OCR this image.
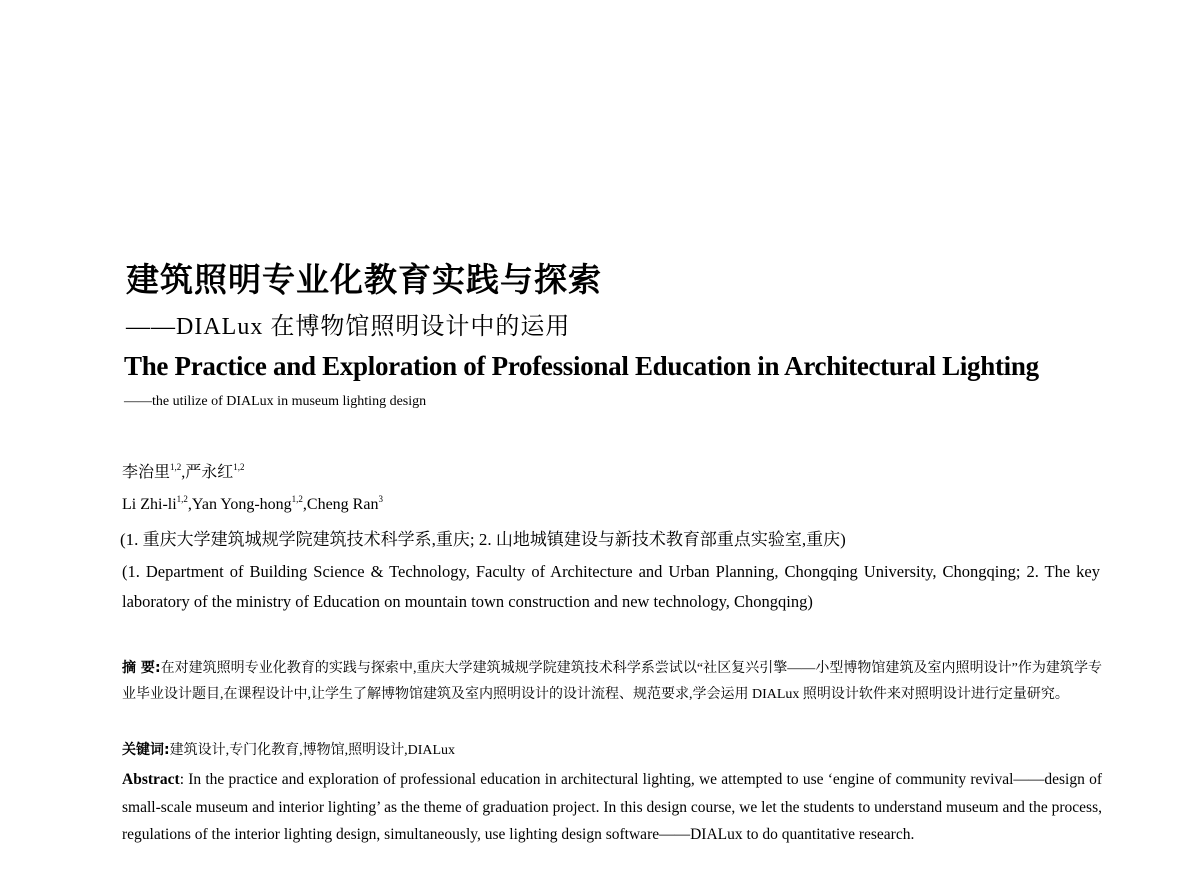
建筑照明专业化教育实践与探索
——DIALux 在博物馆照明设计中的运用
The Practice and Exploration of Professional Education in Architectural Lighting
——the utilize of DIALux in museum lighting design
李治里$^{1,2}$,严永红$^{1,2}$
Li Zhi-li$^{1,2}$,Yan Yong-hong$^{1,2}$,Cheng Ran$^3$
(1. 重庆大学建筑城规学院建筑技术科学系,重庆; 2. 山地城镇建设与新技术教育部重点实验室,重庆)
(1. Department of Building Science & Technology, Faculty of Architecture and Urban Planning, Chongqing University, Chongqing; 2. The key laboratory of the ministry of Education on mountain town construction and new technology, Chongqing)
摘 要:在对建筑照明专业化教育的实践与探索中,重庆大学建筑城规学院建筑技术科学系尝试以“社区复兴引擎——小型博物馆建筑及室内照明设计”作为建筑学专业毕业设计题目,在课程设计中,让学生了解博物馆建筑及室内照明设计的设计流程、规范要求,学会运用 DIALux 照明设计软件来对照明设计进行定量研究。
关键词:建筑设计,专门化教育,博物馆,照明设计,DIALux
Abstract: In the practice and exploration of professional education in architectural lighting, we attempted to use ‘engine of community revival——design of small-scale museum and interior lighting’ as the theme of graduation project. In this design course, we let the students to understand museum and the process, regulations of the interior lighting design, simultaneously, use lighting design software——DIALux to do quantitative research.
